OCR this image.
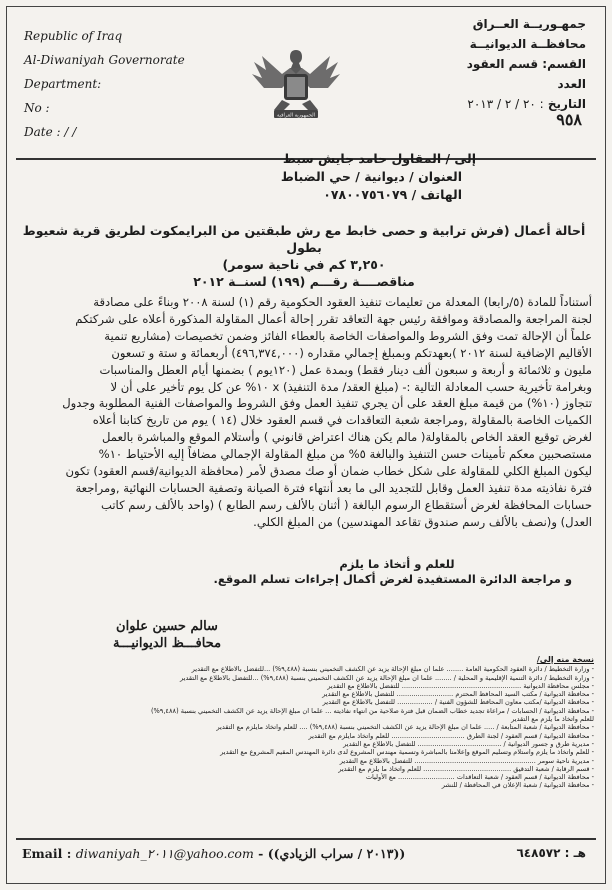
Republic of Iraq
Al-Diwaniyah Governorate
Department:
No :
Date : / /
الجمهورية العراقية
جمهـوريــة العــراق
محافظــة الديوانيــة
القسم: قسم العقود
العدد
التاريخ : ٢٠ / ٢ / ٢٠١٣
٩٥٨
إلى / المقاول حامد جايش سبط
العنوان / ديوانية / حي الضباط
الهاتف / ٠٧٨٠٠٧٥٦٠٧٩
أحالة أعمال (فرش ترابية و حصى خابط مع رش طبقتين من البرايمكوت لطريق قرية شعيوط بطول
٣,٢٥٠ كم في ناحية سومر)
مناقصــــة رقـــم (١٩٩) لسنــة ٢٠١٢
أستناداً للمادة (٥/رابعا) المعدلة من تعليمات تنفيذ العقود الحكومية رقم (١) لسنة ٢٠٠٨ وبناءً على مصادقة
لجنة المراجعة والمصادقة وموافقة رئيس جهة التعاقد تقرر إحالة أعمال المقاولة المذكورة أعلاه على شركتكم
علماً أن الإحالة تمت وفق الشروط والمواصفات الخاصة بالعطاء الفائز وضمن تخصيصات (مشاريع تنمية
الأقاليم الإضافية لسنة ٢٠١٢ )بعهدتكم وبمبلغ إجمالي مقداره (٤٩٦,٣٧٤,٠٠٠) أربعمائة و ستة و تسعون
مليون و ثلاثمائة و أربعة و سبعون ألف دينار فقط) وبمدة عمل (١٢٠يوم ) بضمنها أيام العطل والمناسبات
وبغرامة تأخيرية حسب المعادلة التالية :- (مبلغ العقد/ مدة التنفيذ) x ١٠% عن كل يوم تأخير على أن لا
تتجاوز (١٠%) من قيمة مبلغ العقد على أن يجري تنفيذ العمل وفق الشروط والمواصفات الفنية المطلوبة وجدول
الكميات الخاصة بالمقاولة ,ومراجعة شعبة التعاقدات في قسم العقود خلال (١٤ ) يوم من تاريخ كتابنا أعلاه
لغرض توقيع العقد الخاص بالمقاولة( مالم يكن هناك اعتراض قانوني ) وأستلام الموقع والمباشرة بالعمل
مستصحبين معكم تأمينات حسن التنفيذ والبالغة ٥% من مبلغ المقاولة الإجمالي مضافاً إليه الأحتياط ١٠%
ليكون المبلغ الكلي للمقاولة على شكل خطاب ضمان أو صك مصدق لأمر (محافظة الديوانية/قسم العقود) تكون
فترة نفاذيته مدة تنفيذ العمل وقابل للتجديد الى ما بعد أنتهاء فترة الصيانة وتصفية الحسابات النهائية ,ومراجعة
حسابات المحافظة لغرض أستقطاع الرسوم البالغة ( أثنان بالألف رسم الطابع ) (واحد بالألف رسم كاتب
العدل) و(نصف بالألف رسم صندوق تقاعد المهندسين) من المبلغ الكلي.
للعلم و أتخاذ ما يلزم
و مراجعة الدائرة المستفيدة لغرض أكمال إجراءات تسلم الموقع.
سالم حسين علوان
محافـــظ الديوانيـــة
نسخة منه إلى/
- وزارة التخطيط / دائرة العقود الحكومية العامة ........ علما ان مبلغ الإحالة يزيد عن الكشف التخميني بنسبة (٩,٤٨٨%) ...للتفضل بالاطلاع مع التقدير
- وزارة التخطيط / دائرة التنمية الإقليمية و المحلية / ........ علما ان مبلغ الإحالة يزيد عن الكشف التخميني بنسبة (٩,٤٨٨%) ...للتفضل بالاطلاع مع التقدير
- مجلس محافظة الديوانية ......................................................... للتفضل بالاطلاع مع التقدير
- محافظة الديوانية / مكتب السيد المحافظ المحترم ........................... للتفضل بالاطلاع مع التقدير
- محافظة الديوانية /مكتب معاون المحافظ للشؤون الفنية / ................. للتفضل بالاطلاع مع التقدير
- محافظة الديوانية / الحسابات / مراعاة تجديد خطاب الضمان قبل فترة صلاحية من انتهاء نفاذيته ... علما ان مبلغ الإحالة يزيد عن الكشف التخميني بنسبة (٩,٤٨٨%)
للعلم واتخاذ ما يلزم مع التقدير
- محافظة الديوانية / شعبة المتابعة / ..... علما ان مبلغ الإحالة يزيد عن الكشف التخميني بنسبة (٩,٤٨٨%) .... للعلم واتخاذ مايلزم مع التقدير
- محافظة الديوانية / قسم العقود / لجنة الطرق ................................... للعلم واتخاذ مايلزم مع التقدير
- مديرية طرق و جسور الديوانية / ........................................ للتفضل بالاطلاع مع التقدير
- للعلم واتخاذ ما يلزم واستلام وتسليم الموقع وإعلامنا بالمباشرة وتسمية مهندس المشروع لدى دائرة المهندس المقيم المشروع مع التقدير
- مديرية ناحية سومر .......................................................... للتفضل بالاطلاع مع التقدير
- قسم الرقابة / شعبة التدقيق .......................................... للعلم واتخاذ ما يلزم مع التقدير
- محافظة الديوانية / قسم العقود / شعبة التعاقدات ........................... مع الأوليات
- محافظة الديوانية / شعبة الإعلان في المحافظة / للنشر
Email : diwaniyah_٢٠١١@yahoo.com - ((٢٠١٣ / سراب الزيادي))	هـ : ٦٤٨٥٧٢
